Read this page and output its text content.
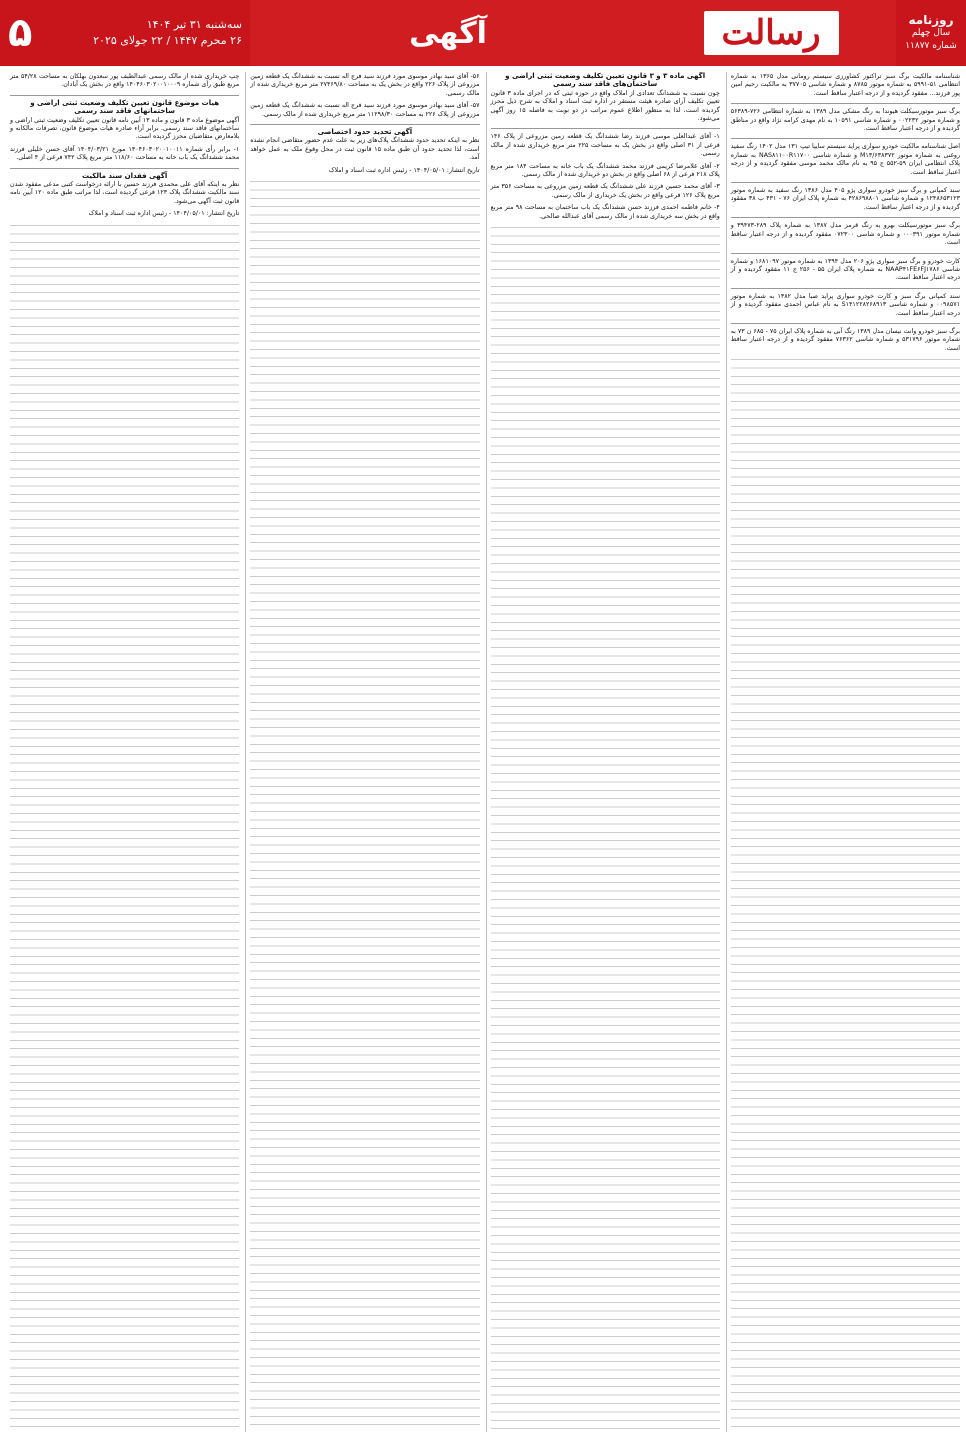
روزنامه
سال چهلم
شماره ۱۱۸۷۷
رسالت
آگهی
سه‌شنبه ۳۱ تیر ۱۴۰۴
۲۶ محرم ۱۴۴۷ / ۲۲ جولای ۲۰۲۵
۵
شناسنامه مالکیت برگ سبز تراکتور کشاورزی سیستم رومانی مدل ۱۳۶۵ به شماره انتظامی ۵۱-۵۹۹۱ به شماره موتور ۸۷۸۵ و شماره شاسی ۳۷۷۰۵ به مالکیت رحیم امین پور فرزند... مفقود گردیده و از درجه اعتبار ساقط است.
برگ سبز موتورسیکلت هیوندا به رنگ مشکی مدل ۱۳۸۹ به شماره انتظامی ۷۲۶-۵۶۳۸۹ و شماره موتور ۰۰۲۲۳۲ و شماره شاسی ۱۰۵۹۱ به نام مهدی کرامه نژاد واقع در مناطق گردیده و از درجه اعتبار ساقط است.
اصل شناسنامه مالکیت خودرو سواری پراید سیستم سایپا تیپ ۱۳۱ مدل ۱۴۰۲ رنگ سفید روغنی به شماره موتور M۱۳/۶۳۸۳۷۲ و شماره شاسی NAS۸۱۱۰۰R۱۱۷۰۰ به شماره پلاک انتظامی ایران ۵۹-۵۵۲ ج ۹۵ به نام مالک محمد موسی مفقود گردیده و از درجه اعتبار ساقط است.
سند کمپانی و برگ سبز خودرو سواری پژو ۴۰۵ مدل ۱۳۸۶ رنگ سفید به شماره موتور ۱۲۴۸۶۵۳۱۲۳ و شماره شاسی ۴۲۸۶۹۸۸۰۱ به شماره پلاک ایران ۷۶ - ۴۳۱ ب ۳۸ مفقود گردیده و از درجه اعتبار ساقط است.
برگ سبز موتورسیکلت بهرو به رنگ قرمز مدل ۱۳۸۷ به شماره پلاک ۲۸۹-۳۹۴۷۳ و شماره موتور ۰۰۰۳۹۱ و شماره شاسی ۰۷۲۳۰۰ مفقود گردیده و از درجه اعتبار ساقط است.
کارت خودرو و برگ سبز سواری پژو ۲۰۶ مدل ۱۳۹۴ به شماره موتور ۱۶۸۱۰۹۷ و شماره شاسی NAAP۴۱FE۶FJ۱۷۸۶ به شماره پلاک ایران ۵۵ - ۲۵۶ ج ۱۱ مفقود گردیده و از درجه اعتبار ساقط است.
سند کمپانی برگ سبز و کارت خودرو سواری پراید صبا مدل ۱۳۸۲ به شماره موتور ۰۰۹۸۵۷۱ و شماره شاسی S۱۴۱۲۲۸۲۶۸۹۱۳ به نام عباس احمدی مفقود گردیده و از درجه اعتبار ساقط است.
برگ سبز خودرو وانت نیسان مدل ۱۳۸۹ رنگ آبی به شماره پلاک ایران ۷۵ - ۶۸۵ ن ۷۳ به شماره موتور ۵۳۱۷۹۶ و شماره شاسی ۷۶۳۶۲ مفقود گردیده و از درجه اعتبار ساقط است.
آگهی ماده ۳ و ۳ قانون تعیین تکلیف وضعیت ثبتی اراضی و ساختمان‌های فاقد سند رسمی
چون نسبت به ششدانگ تعدادی از املاک واقع در حوزه ثبتی که در اجرای ماده ۳ قانون تعیین تکلیف آرای صادره هیئت مستقر در اداره ثبت اسناد و املاک به شرح ذیل محرز گردیده است، لذا به منظور اطلاع عموم مراتب در دو نوبت به فاصله ۱۵ روز آگهی می‌شود.
۱- آقای عبدالعلی موسی فرزند رضا ششدانگ یک قطعه زمین مزروعی از پلاک ۱۴۶ فرعی از ۳۱ اصلی واقع در بخش یک به مساحت ۲۲۵ متر مربع خریداری شده از مالک رسمی.
۲- آقای غلامرضا کریمی فرزند محمد ششدانگ یک باب خانه به مساحت ۱۸۴ متر مربع پلاک ۲۱۸ فرعی از ۶۸ اصلی واقع در بخش دو خریداری شده از مالک رسمی.
۳- آقای محمد حسین فرزند علی ششدانگ یک قطعه زمین مزروعی به مساحت ۳۵۶ متر مربع پلاک ۱۲۶ فرعی واقع در بخش یک خریداری از مالک رسمی.
۴- خانم فاطمه احمدی فرزند حسن ششدانگ یک باب ساختمان به مساحت ۹۸ متر مربع واقع در بخش سه خریداری شده از مالک رسمی آقای عبدالله صالحی.
۵۶- آقای سید بهادر موسوی مورد فرزند سید فرج اله نسبت به ششدانگ یک قطعه زمین مزروعی از پلاک ۲۲۶ واقع در بخش یک به مساحت ۲۷۴۶۹/۸۰ متر مربع خریداری شده از مالک رسمی.
۵۷- آقای سید بهادر موسوی مورد فرزند سید فرج اله نسبت به ششدانگ یک قطعه زمین مزروعی از پلاک ۲۲۶ به مساحت ۱۱۲۹۸/۳۰ متر مربع خریداری شده از مالک رسمی.
آگهی تحدید حدود اختصاصی
نظر به اینکه تحدید حدود ششدانگ پلاک‌های زیر به علت عدم حضور متقاضی انجام نشده است، لذا تحدید حدود آن طبق ماده ۱۵ قانون ثبت در محل وقوع ملک به عمل خواهد آمد.
تاریخ انتشار: ۱۴۰۴/۰۵/۰۱ - رئیس اداره ثبت اسناد و املاک
چپ خریداری شده از مالک رسمی عبدالطیف پور سعدون بهلکان به مساحت ۵۴/۲۸ متر مربع طبق رأی شماره ۱۴۰۴۶۰۳۰۲۰۰۱۰۰۰۹ واقع در بخش یک آبادان.
هیات موضوع قانون تعیین تکلیف وضعیت ثبتی اراضی و ساختمانهای فاقد سند رسمی
آگهی موضوع ماده ۳ قانون و ماده ۱۳ آیین نامه قانون تعیین تکلیف وضعیت ثبتی اراضی و ساختمانهای فاقد سند رسمی. برابر آراء صادره هیات موضوع قانون، تصرفات مالکانه و بلامعارض متقاضیان محرز گردیده است.
۱- برابر رأی شماره ۱۴۰۴۶۰۳۰۲۰۰۱۰۰۱۱ مورخ ۱۴۰۴/۰۳/۲۱ آقای حسن خلیلی فرزند محمد ششدانگ یک باب خانه به مساحت ۱۱۸/۶۰ متر مربع پلاک ۷۴۲ فرعی از ۴ اصلی.
آگهی فقدان سند مالکیت
نظر به اینکه آقای علی محمدی فرزند حسین با ارائه درخواست کتبی مدعی مفقود شدن سند مالکیت ششدانگ پلاک ۱۲۳ فرعی گردیده است، لذا مراتب طبق ماده ۱۲۰ آیین نامه قانون ثبت آگهی می‌شود.
تاریخ انتشار: ۱۴۰۴/۰۵/۰۱ - رئیس اداره ثبت اسناد و املاک
